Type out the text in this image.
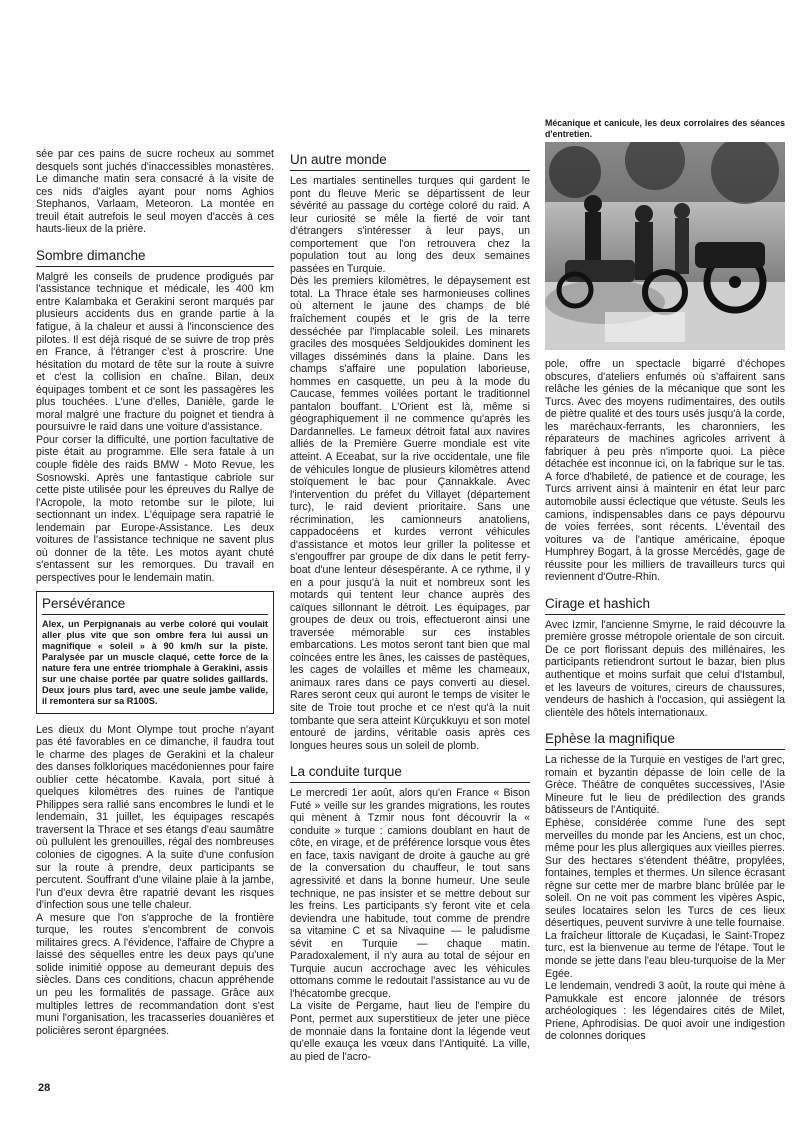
sée par ces pains de sucre rocheux au sommet desquels sont juchés d'inaccessibles monastères. Le dimanche matin sera consacré à la visite de ces nids d'aigles ayant pour noms Aghios Stephanos, Varlaam, Meteoron. La montée en treuil était autrefois le seul moyen d'accès à ces hauts-lieux de la prière.

Sombre dimanche

Malgré les conseils de prudence prodigués par l'assistance technique et médicale, les 400 km entre Kalambaka et Gerakini seront marqués par plusieurs accidents dus en grande partie à la fatigue, à la chaleur et aussi à l'inconscience des pilotes. Il est déjà risqué de se suivre de trop près en France, à l'étranger c'est à proscrire. Une hésitation du motard de tête sur la route à suivre et c'est la collision en chaîne. Bilan, deux équipages tombent et ce sont les passagères les plus touchées. L'une d'elles, Danièle, garde le moral malgré une fracture du poignet et tiendra à poursuivre le raid dans une voiture d'assistance.

Pour corser la difficulté, une portion facultative de piste était au programme. Elle sera fatale à un couple fidèle des raids BMW - Moto Revue, les Sosnowski. Après une fantastique cabriole sur cette piste utilisée pour les épreuves du Rallye de l'Acropole, la moto retombe sur le pilote, lui sectionnant un index. L'équipage sera rapatrié le lendemain par Europe-Assistance. Les deux voitures de l'assistance technique ne savent plus où donner de la tête. Les motos ayant chuté s'entassent sur les remorques. Du travail en perspectives pour le lendemain matin.

Persévérance

Alex, un Perpignanais au verbe coloré qui voulait aller plus vite que son ombre fera lui aussi un magnifique « soleil » à 90 km/h sur la piste. Paralysée par un muscle claqué, cette force de la nature fera une entrée triomphale à Gerakini, assis sur une chaise portée par quatre solides gaillards. Deux jours plus tard, avec une seule jambe valide, il remontera sur sa R100S.

Les dieux du Mont Olympe tout proche n'ayant pas été favorables en ce dimanche, il faudra tout le charme des plages de Gerakini et la chaleur des danses folkloriques macédoniennes pour faire oublier cette hécatombe. Kavala, port situé à quelques kilomètres des ruines de l'antique Philippes sera rallié sans encombres le lundi et le lendemain, 31 juillet, les équipages rescapés traversent la Thrace et ses étangs d'eau saumâtre où pullulent les grenouilles, régal des nombreuses colonies de cigognes. A la suite d'une confusion sur la route à prendre, deux participants se percutent. Souffrant d'une vilaine plaie à la jambe, l'un d'eux devra être rapatrié devant les risques d'infection sous une telle chaleur.

A mesure que l'on s'approche de la frontière turque, les routes s'encombrent de convois militaires grecs. A l'évidence, l'affaire de Chypre a laissé des séquelles entre les deux pays qu'une solide inimitié oppose au demeurant depuis des siècles. Dans ces conditions, chacun appréhende un peu les formalités de passage. Grâce aux multiples lettres de recommandation dont s'est muni l'organisation, les tracasseries douanières et policières seront épargnées.

Un autre monde

Les martiales sentinelles turques qui gardent le pont du fleuve Meric se départissent de leur sévérité au passage du cortège coloré du raid. A leur curiosité se mêle la fierté de voir tant d'étrangers s'intéresser à leur pays, un comportement que l'on retrouvera chez la population tout au long des deux semaines passées en Turquie.

Dès les premiers kilomètres, le dépaysement est total. La Thrace étale ses harmonieuses collines où alternent le jaune des champs de blé fraîchement coupés et le gris de la terre desséchée par l'implacable soleil. Les minarets graciles des mosquées Seldjoukides dominent les villages disséminés dans la plaine. Dans les champs s'affaire une population laborieuse, hommes en casquette, un peu à la mode du Caucase, femmes voilées portant le traditionnel pantalon bouffant. L'Orient est là, même si géographiquement il ne commence qu'après les Dardannelles. Le fameux détroit fatal aux navires alliés de la Première Guerre mondiale est vite atteint. A Eceabat, sur la rive occidentale, une file de véhicules longue de plusieurs kilomètres attend stoïquement le bac pour Çannakkale. Avec l'intervention du préfet du Villayet (département turc), le raid devient prioritaire. Sans une récrimination, les camionneurs anatoliens, cappadocéens et kurdes verront véhicules d'assistance et motos leur griller la politesse et s'engouffrer par groupe de dix dans le petit ferry-boat d'une lenteur désespérante. A ce rythme, il y en a pour jusqu'à la nuit et nombreux sont les motards qui tentent leur chance auprès des caïques sillonnant le détroit. Les équipages, par groupes de deux ou trois, effectueront ainsi une traversée mémorable sur ces instables embarcations. Les motos seront tant bien que mal coincées entre les ânes, les caisses de pastèques, les cages de volailles et même les chameaux, animaux rares dans ce pays converti au diesel. Rares seront ceux qui auront le temps de visiter le site de Troie tout proche et ce n'est qu'à la nuit tombante que sera atteint Kürçukkuyu et son motel entouré de jardins, véritable oasis après ces longues heures sous un soleil de plomb.

La conduite turque

Le mercredi 1er août, alors qu'en France « Bison Futé » veille sur les grandes migrations, les routes qui mènent à Tzmir nous font découvrir la « conduite » turque : camions doublant en haut de côte, en virage, et de préférence lorsque vous êtes en face, taxis navigant de droite à gauche au gré de la conversation du chauffeur, le tout sans agressivité et dans la bonne humeur. Une seule technique, ne pas insister et se mettre debout sur les freins. Les participants s'y feront vite et cela deviendra une habitude, tout comme de prendre sa vitamine C et sa Nivaquine — le paludisme sévit en Turquie — chaque matin. Paradoxalement, il n'y aura au total de séjour en Turquie aucun accrochage avec les véhicules ottomans comme le redoutait l'assistance au vu de l'hécatombe grecque.

La visite de Pergame, haut lieu de l'empire du Pont, permet aux superstitieux de jeter une pièce de monnaie dans la fontaine dont la légende veut qu'elle exauça les vœux dans l'Antiquité. La ville, au pied de l'acro-

Mécanique et canicule, les deux corrolaires des séances d'entretien.

pole, offre un spectacle bigarré d'échopes obscures, d'ateliers enfumés où s'affairent sans relâche les génies de la mécanique que sont les Turcs. Avec des moyens rudimentaires, des outils de piètre qualité et des tours usés jusqu'à la corde, les maréchaux-ferrants, les charonniers, les réparateurs de machines agricoles arrivent à fabriquer à peu près n'importe quoi. La pièce détachée est inconnue ici, on la fabrique sur le tas. A force d'habileté, de patience et de courage, les Turcs arrivent ainsi à maintenir en état leur parc automobile aussi éclectique que vétuste. Seuls les camions, indispensables dans ce pays dépourvu de voies ferrées, sont récents. L'éventail des voitures va de l'antique américaine, époque Humphrey Bogart, à la grosse Mercédès, gage de réussite pour les milliers de travailleurs turcs qui reviennent d'Outre-Rhin.

Cirage et hashich

Avec Izmir, l'ancienne Smyrne, le raid découvre la première grosse métropole orientale de son circuit. De ce port florissant depuis des millénaires, les participants retiendront surtout le bazar, bien plus authentique et moins surfait que celui d'Istambul, et les laveurs de voitures, cireurs de chaussures, vendeurs de hashich à l'occasion, qui assiègent la clientèle des hôtels internationaux.

Ephèse la magnifique

La richesse de la Turquie en vestiges de l'art grec, romain et byzantin dépasse de loin celle de la Grèce. Théâtre de conquêtes successives, l'Asie Mineure fut le lieu de prédilection des grands bâtisseurs de l'Antiquité.

Ephèse, considérée comme l'une des sept merveilles du monde par les Anciens, est un choc, même pour les plus allergiques aux vieilles pierres. Sur des hectares s'étendent théâtre, propylées, fontaines, temples et thermes. Un silence écrasant règne sur cette mer de marbre blanc brûlée par le soleil. On ne voit pas comment les vipères Aspic, seules locataires selon les Turcs de ces lieux désertiques, peuvent survivre à une telle fournaise.

La fraîcheur littorale de Kuçadasi, le Saint-Tropez turc, est la bienvenue au terme de l'étape. Tout le monde se jette dans l'eau bleu-turquoise de la Mer Egée.

Le lendemain, vendredi 3 août, la route qui mène à Pamukkale est encore jalonnée de trésors archéologiques : les légendaires cités de Milet, Priene, Aphrodisias. De quoi avoir une indigestion de colonnes doriques

28
